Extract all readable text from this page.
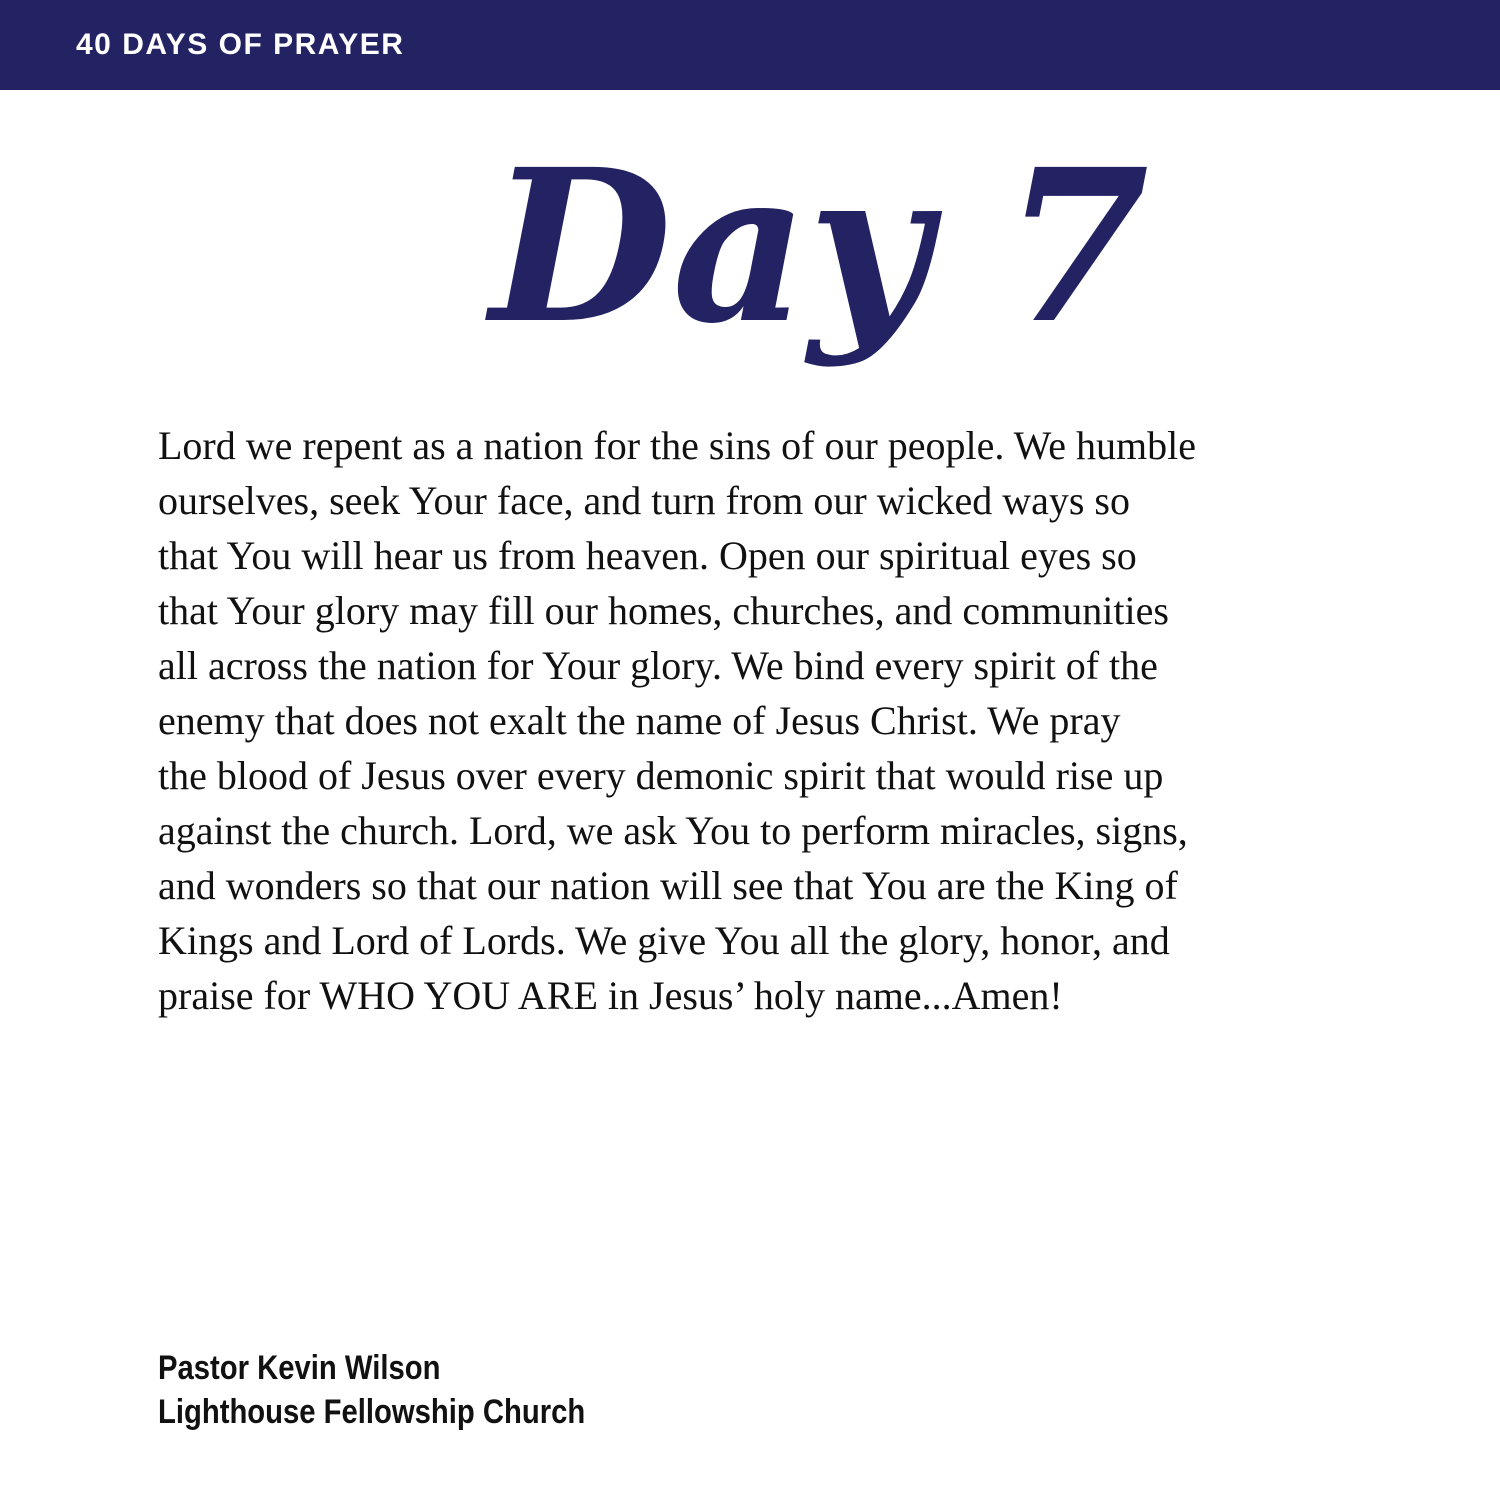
40 DAYS OF PRAYER
Day 7
Lord we repent as a nation for the sins of our people. We humble
ourselves, seek Your face, and turn from our wicked ways so
that You will hear us from heaven. Open our spiritual eyes so
that Your glory may fill our homes, churches, and communities
all across the nation for Your glory. We bind every spirit of the
enemy that does not exalt the name of Jesus Christ. We pray
the blood of Jesus over every demonic spirit that would rise up
against the church. Lord, we ask You to perform miracles, signs,
and wonders so that our nation will see that You are the King of
Kings and Lord of Lords. We give You all the glory, honor, and
praise for WHO YOU ARE in Jesus’ holy name...Amen!
Pastor Kevin Wilson
Lighthouse Fellowship Church
